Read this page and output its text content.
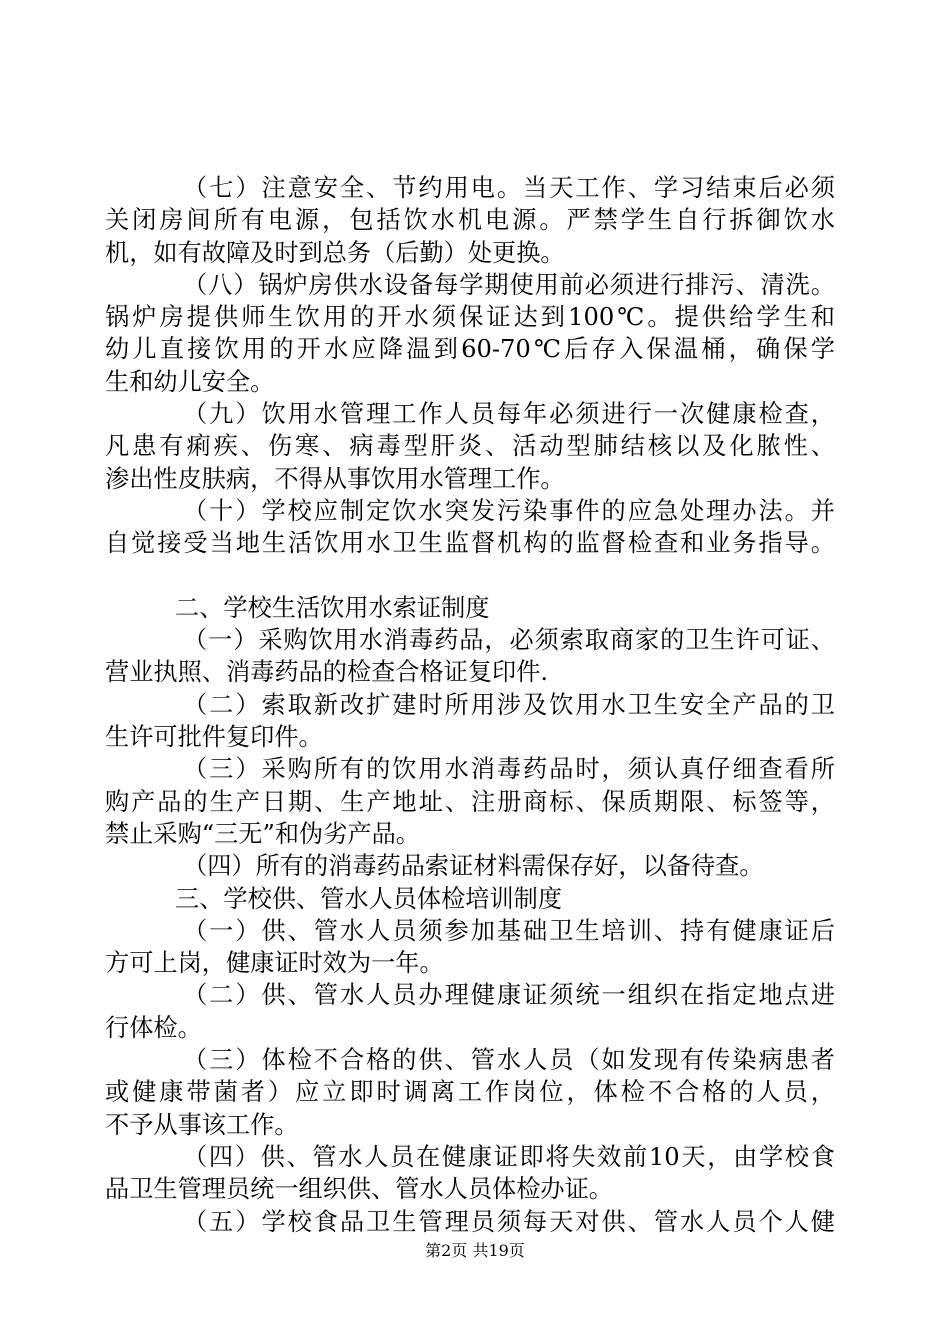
（七）注意安全、节约用电。当天工作、学习结束后必须
关闭房间所有电源，包括饮水机电源。严禁学生自行拆御饮水
机，如有故障及时到总务（后勤）处更换。
（八）锅炉房供水设备每学期使用前必须进行排污、清洗。
锅炉房提供师生饮用的开水须保证达到100℃。提供给学生和
幼儿直接饮用的开水应降温到60-70℃后存入保温桶，确保学
生和幼儿安全。
（九）饮用水管理工作人员每年必须进行一次健康检查，
凡患有痢疾、伤寒、病毒型肝炎、活动型肺结核以及化脓性、
渗出性皮肤病，不得从事饮用水管理工作。
（十）学校应制定饮水突发污染事件的应急处理办法。并
自觉接受当地生活饮用水卫生监督机构的监督检查和业务指导。
二、学校生活饮用水索证制度
（一）采购饮用水消毒药品，必须索取商家的卫生许可证、
营业执照、消毒药品的检查合格证复印件.
（二）索取新改扩建时所用涉及饮用水卫生安全产品的卫
生许可批件复印件。
（三）采购所有的饮用水消毒药品时，须认真仔细查看所
购产品的生产日期、生产地址、注册商标、保质期限、标签等，
禁止采购“三无”和伪劣产品。
（四）所有的消毒药品索证材料需保存好，以备待查。
三、学校供、管水人员体检培训制度
（一）供、管水人员须参加基础卫生培训、持有健康证后
方可上岗，健康证时效为一年。
（二）供、管水人员办理健康证须统一组织在指定地点进
行体检。
（三）体检不合格的供、管水人员（如发现有传染病患者
或健康带菌者）应立即时调离工作岗位，体检不合格的人员，
不予从事该工作。
（四）供、管水人员在健康证即将失效前10天，由学校食
品卫生管理员统一组织供、管水人员体检办证。
（五）学校食品卫生管理员须每天对供、管水人员个人健
第2页 共19页
